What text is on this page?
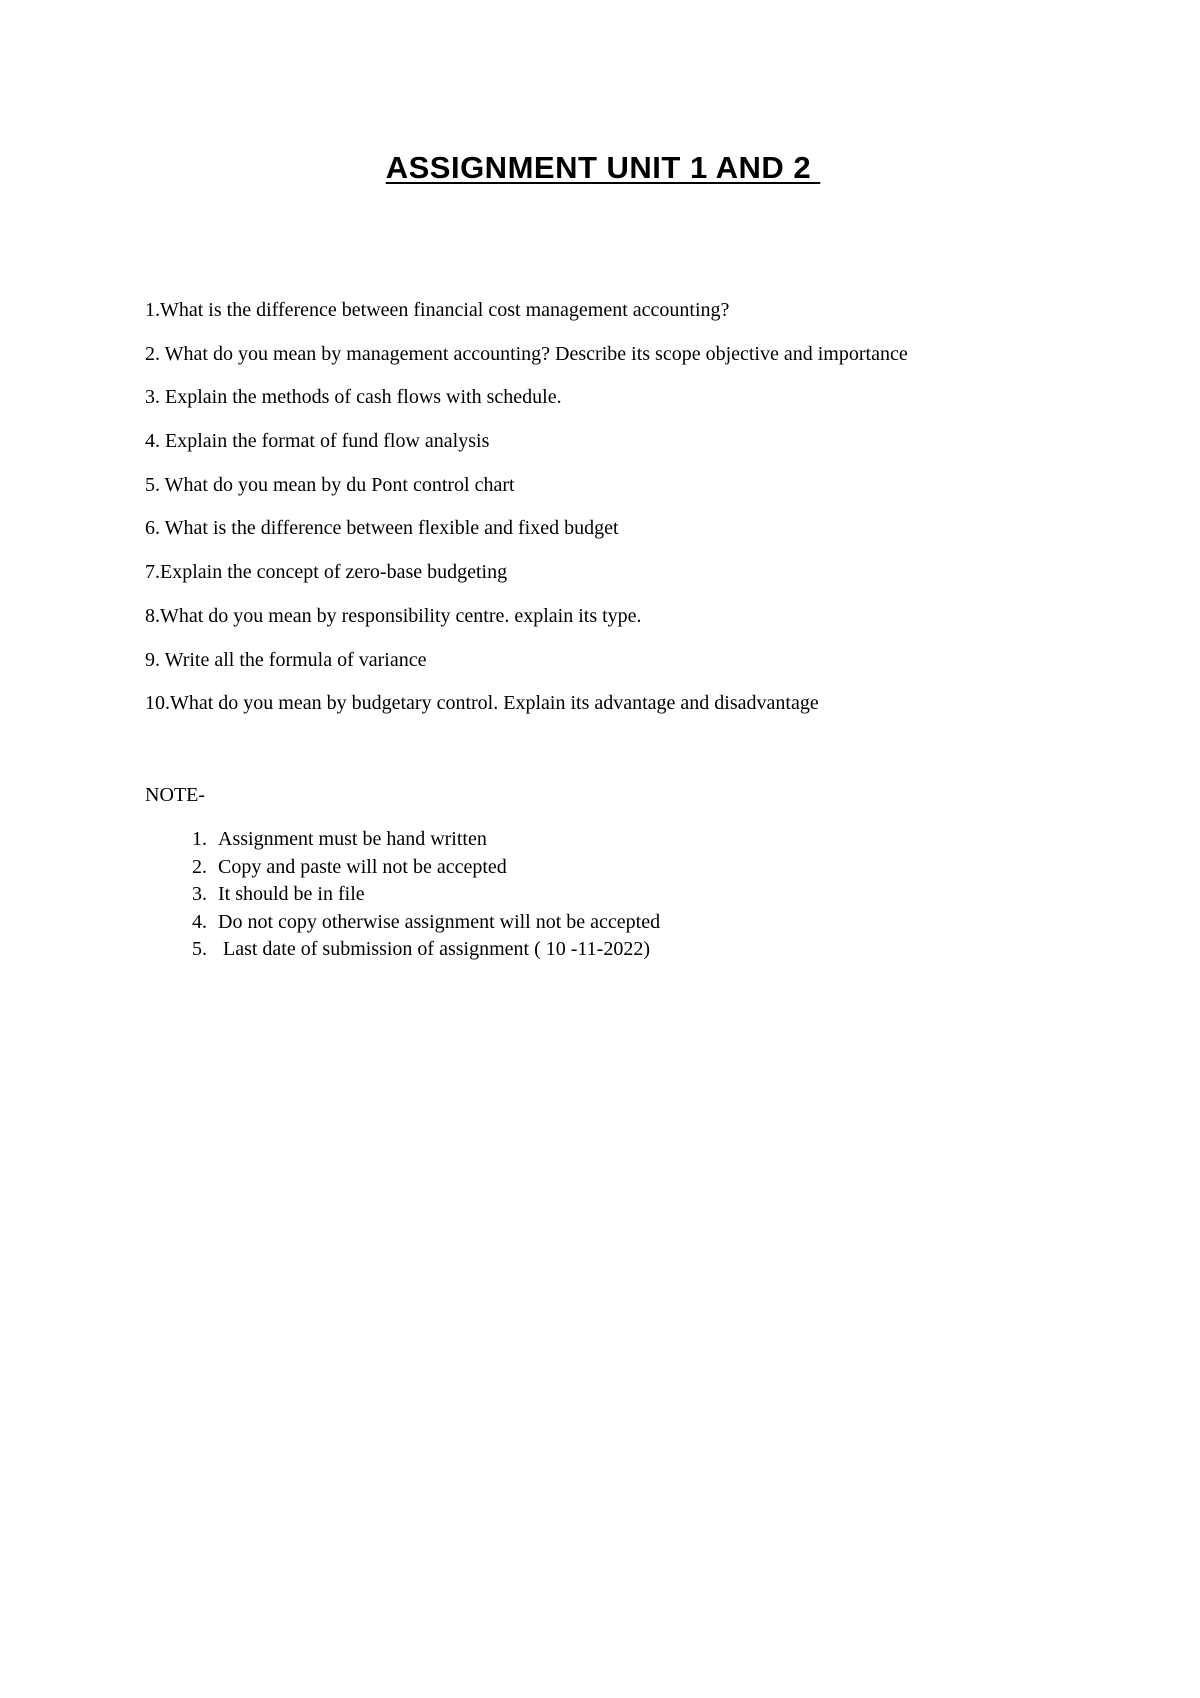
ASSIGNMENT UNIT 1 AND 2
1.What is the difference between financial cost management accounting?
2. What do you mean by management accounting? Describe its scope objective and importance
3. Explain the methods of cash flows with schedule.
4. Explain the format of fund flow analysis
5. What do you mean by du Pont control chart
6. What is the difference between flexible and fixed budget
7.Explain the concept of zero-base budgeting
8.What do you mean by responsibility centre. explain its type.
9. Write all the formula of variance
10.What do you mean by budgetary control. Explain its advantage and disadvantage
NOTE-
1. Assignment must be hand written
2. Copy and paste will not be accepted
3. It should be in file
4. Do not copy otherwise assignment will not be accepted
5. Last date of submission of assignment ( 10 -11-2022)
